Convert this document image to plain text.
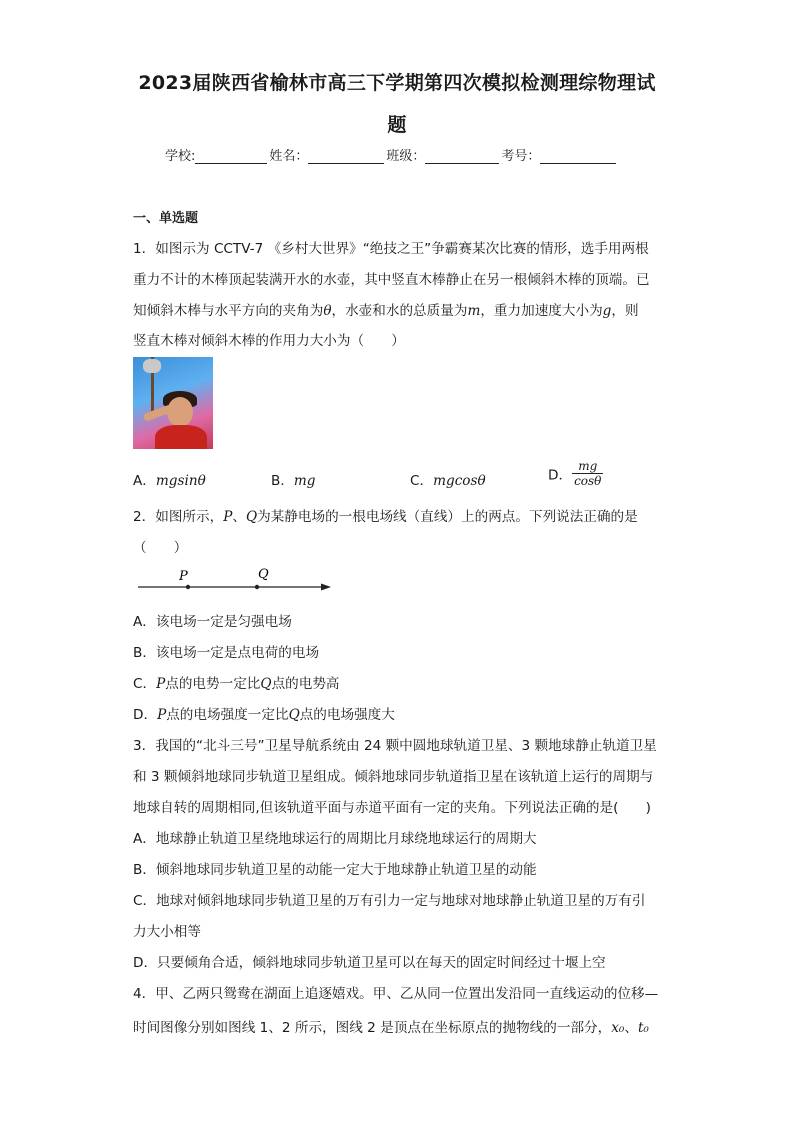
2023届陕西省榆林市高三下学期第四次模拟检测理综物理试
题
学校:	姓名：	班级：	考号：
一、单选题
1．如图示为 CCTV-7 《乡村大世界》“绝技之王”争霸赛某次比赛的情形，选手用两根
重力不计的木棒顶起装满开水的水壶，其中竖直木棒静止在另一根倾斜木棒的顶端。已
知倾斜木棒与水平方向的夹角为θ，水壶和水的总质量为m，重力加速度大小为g，则
竖直木棒对倾斜木棒的作用力大小为（　　）
A．mgsinθ	B．mg	C．mgcosθ	D． $\frac{mg}{\cos\theta}$
2．如图所示，P、Q为某静电场的一根电场线（直线）上的两点。下列说法正确的是
（　　）
P	Q
A．该电场一定是匀强电场
B．该电场一定是点电荷的电场
C．P点的电势一定比Q点的电势高
D．P点的电场强度一定比Q点的电场强度大
3．我国的“北斗三号”卫星导航系统由 24 颗中圆地球轨道卫星、3 颗地球静止轨道卫星
和 3 颗倾斜地球同步轨道卫星组成。倾斜地球同步轨道指卫星在该轨道上运行的周期与
地球自转的周期相同,但该轨道平面与赤道平面有一定的夹角。下列说法正确的是(　　)
A．地球静止轨道卫星绕地球运行的周期比月球绕地球运行的周期大
B．倾斜地球同步轨道卫星的动能一定大于地球静止轨道卫星的动能
C．地球对倾斜地球同步轨道卫星的万有引力一定与地球对地球静止轨道卫星的万有引
力大小相等
D．只要倾角合适，倾斜地球同步轨道卫星可以在每天的固定时间经过十堰上空
4．甲、乙两只鸳鸯在湖面上追逐嬉戏。甲、乙从同一位置出发沿同一直线运动的位移—
时间图像分别如图线 1、2 所示，图线 2 是顶点在坐标原点的抛物线的一部分，x₀、t₀
